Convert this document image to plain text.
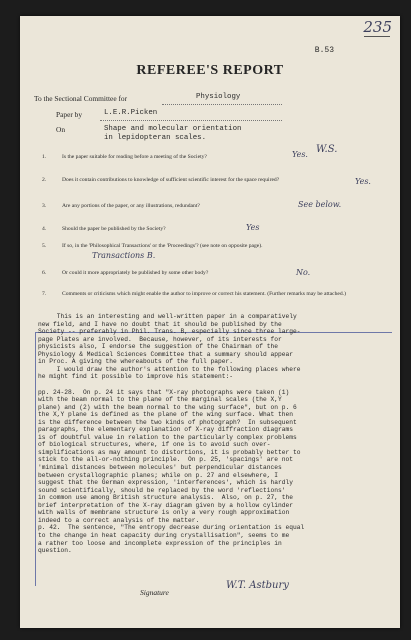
235
B.53
REFEREE'S REPORT
To the Sectional Committee for	Physiology
Paper by	L.E.R.Picken
On	Shape and molecular orientation
in lepidopteran scales.
1.	Is the paper suitable for reading before a meeting of the Society?	Yes. W.S.
2.	Does it contain contributions to knowledge of sufficient scientific interest for the space required?	Yes.
3.	Are any portions of the paper, or any illustrations, redundant?	See below.
4.	Should the paper be published by the Society?	Yes
5.	If so, in the 'Philosophical Transactions' or the 'Proceedings'? (see note on opposite page).
Transactions B.
6.	Or could it more appropriately be published by some other body?	No.
7.	Comments or criticisms which might enable the author to improve or correct his statement. (Further remarks may be attached.)
This is an interesting and well-written paper in a comparatively
new field, and I have no doubt that it should be published by the
Society -- preferably in Phil. Trans. B, especially since three large-
page Plates are involved.  Because, however, of its interests for
physicists also, I endorse the suggestion of the Chairman of the
Physiology & Medical Sciences Committee that a summary should appear
in Proc. A giving the whereabouts of the full paper.
I would draw the author's attention to the following places where
he might find it possible to improve his statement:-
pp. 24-28.  On p. 24 it says that "X-ray photographs were taken (1)
with the beam normal to the plane of the marginal scales (the X,Y
plane) and (2) with the beam normal to the wing surface", but on p. 6
the X,Y plane is defined as the plane of the wing surface. What then
is the difference between the two kinds of photograph?  In subsequent
paragraphs, the elementary explanation of X-ray diffraction diagrams
is of doubtful value in relation to the particularly complex problems
of biological structures, where, if one is to avoid such over-
simplifications as may amount to distortions, it is probably better to
stick to the all-or-nothing principle.  On p. 25, 'spacings' are not
'minimal distances between molecules' but perpendicular distances
between crystallographic planes; while on p. 27 and elsewhere, I
suggest that the German expression, 'interferences', which is hardly
sound scientifically, should be replaced by the word 'reflections'
in common use among British structure analysis.  Also, on p. 27, the
brief interpretation of the X-ray diagram given by a hollow cylinder
with walls of membrane structure is only a very rough approximation
indeed to a correct analysis of the matter.
p. 42.  The sentence, "The entropy decrease during orientation is equal
to the change in heat capacity during crystallisation", seems to me
a rather too loose and incomplete expression of the principles in
question.
Signature
W.T. Astbury
